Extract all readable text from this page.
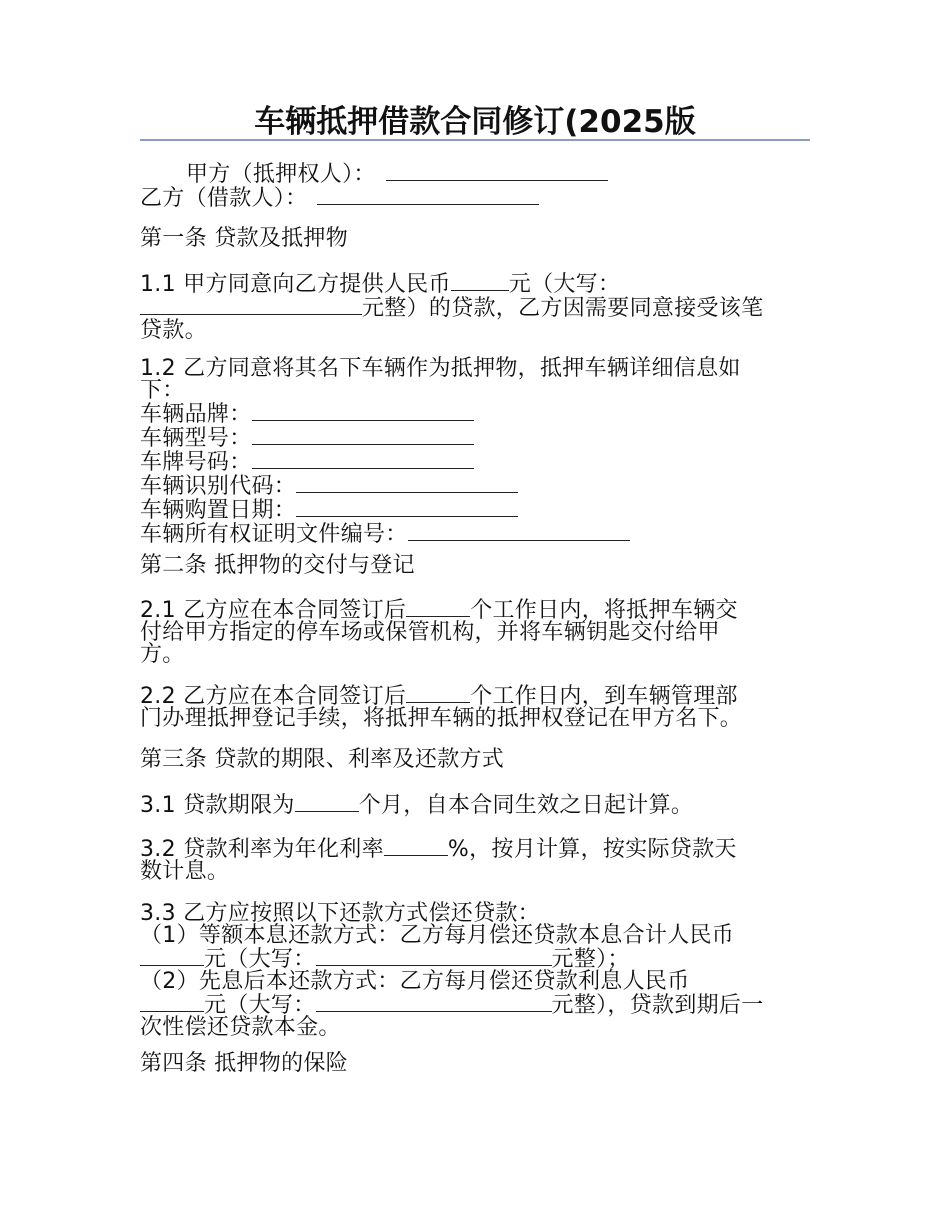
车辆抵押借款合同修订(2025版
甲方（抵押权人）：
乙方（借款人）：
第一条 贷款及抵押物
1.1 甲方同意向乙方提供人民币	元（大写：
元整）的贷款，乙方因需要同意接受该笔
贷款。
1.2 乙方同意将其名下车辆作为抵押物，抵押车辆详细信息如
下：
车辆品牌：
车辆型号：
车牌号码：
车辆识别代码：
车辆购置日期：
车辆所有权证明文件编号：
第二条 抵押物的交付与登记
2.1 乙方应在本合同签订后	个工作日内，将抵押车辆交
付给甲方指定的停车场或保管机构，并将车辆钥匙交付给甲
方。
2.2 乙方应在本合同签订后	个工作日内，到车辆管理部
门办理抵押登记手续，将抵押车辆的抵押权登记在甲方名下。
第三条 贷款的期限、利率及还款方式
3.1 贷款期限为	个月，自本合同生效之日起计算。
3.2 贷款利率为年化利率	%，按月计算，按实际贷款天
数计息。
3.3 乙方应按照以下还款方式偿还贷款：
（1）等额本息还款方式：乙方每月偿还贷款本息合计人民币
元（大写：	元整）；
（2）先息后本还款方式：乙方每月偿还贷款利息人民币
元（大写：	元整），贷款到期后一
次性偿还贷款本金。
第四条 抵押物的保险
